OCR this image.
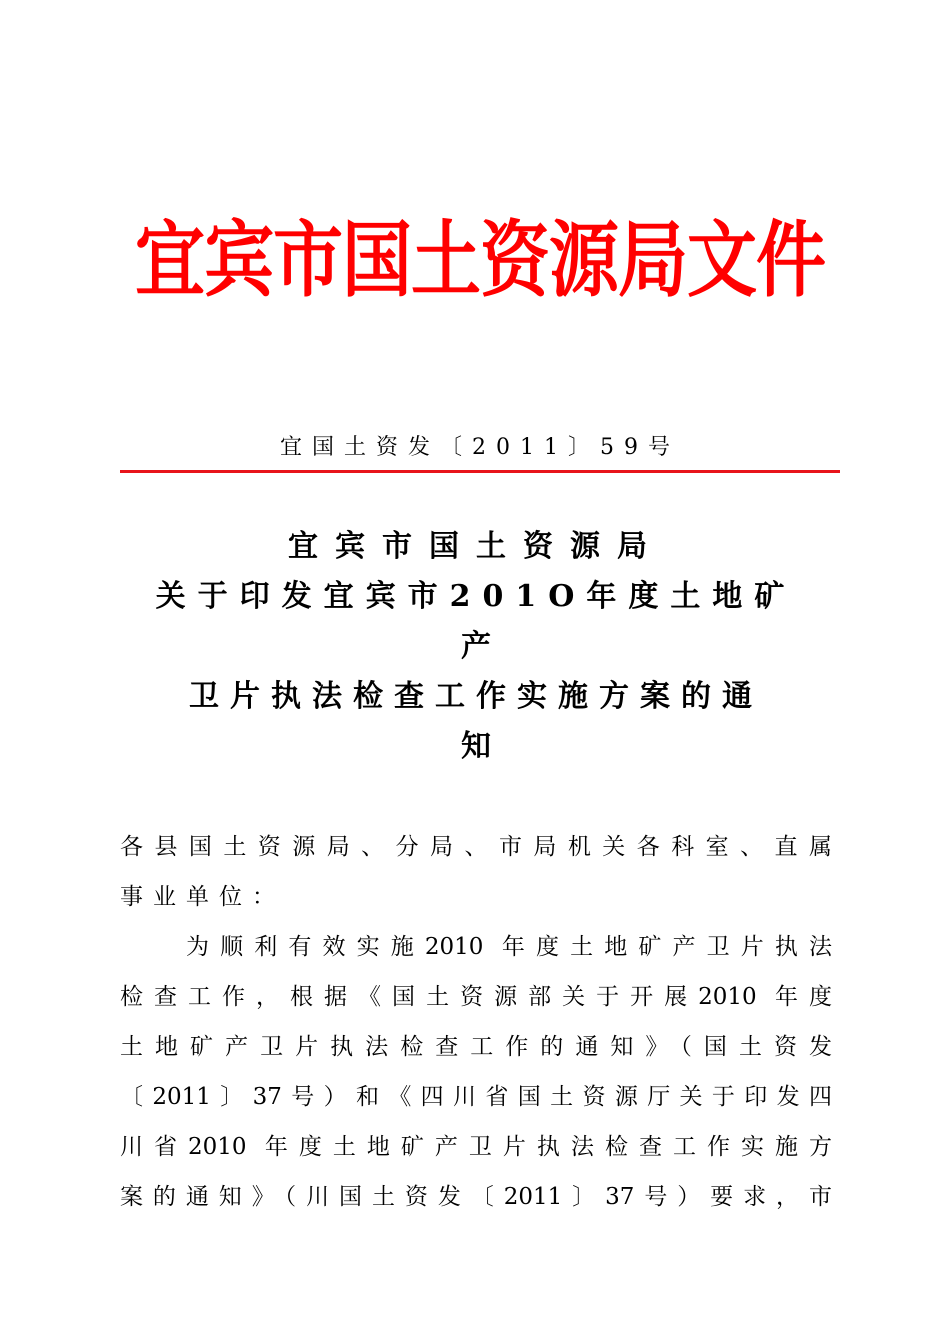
宜宾市国土资源局文件
宜国土资发〔2011〕59号
宜宾市国土资源局
关于印发宜宾市201O年度土地矿
产
卫片执法检查工作实施方案的通
知
各县国土资源局、分局、市局机关各科室、直属
事业单位：
为顺利有效实施2010 年度土地矿产卫片执法
检查工作，根据《国土资源部关于开展2010 年度
土地矿产卫片执法检查工作的通知》（国土资发
〔2011〕37号）和《四川省国土资源厅关于印发四
川省2010 年度土地矿产卫片执法检查工作实施方
案的通知》（川国土资发〔2011〕37号）要求，市
